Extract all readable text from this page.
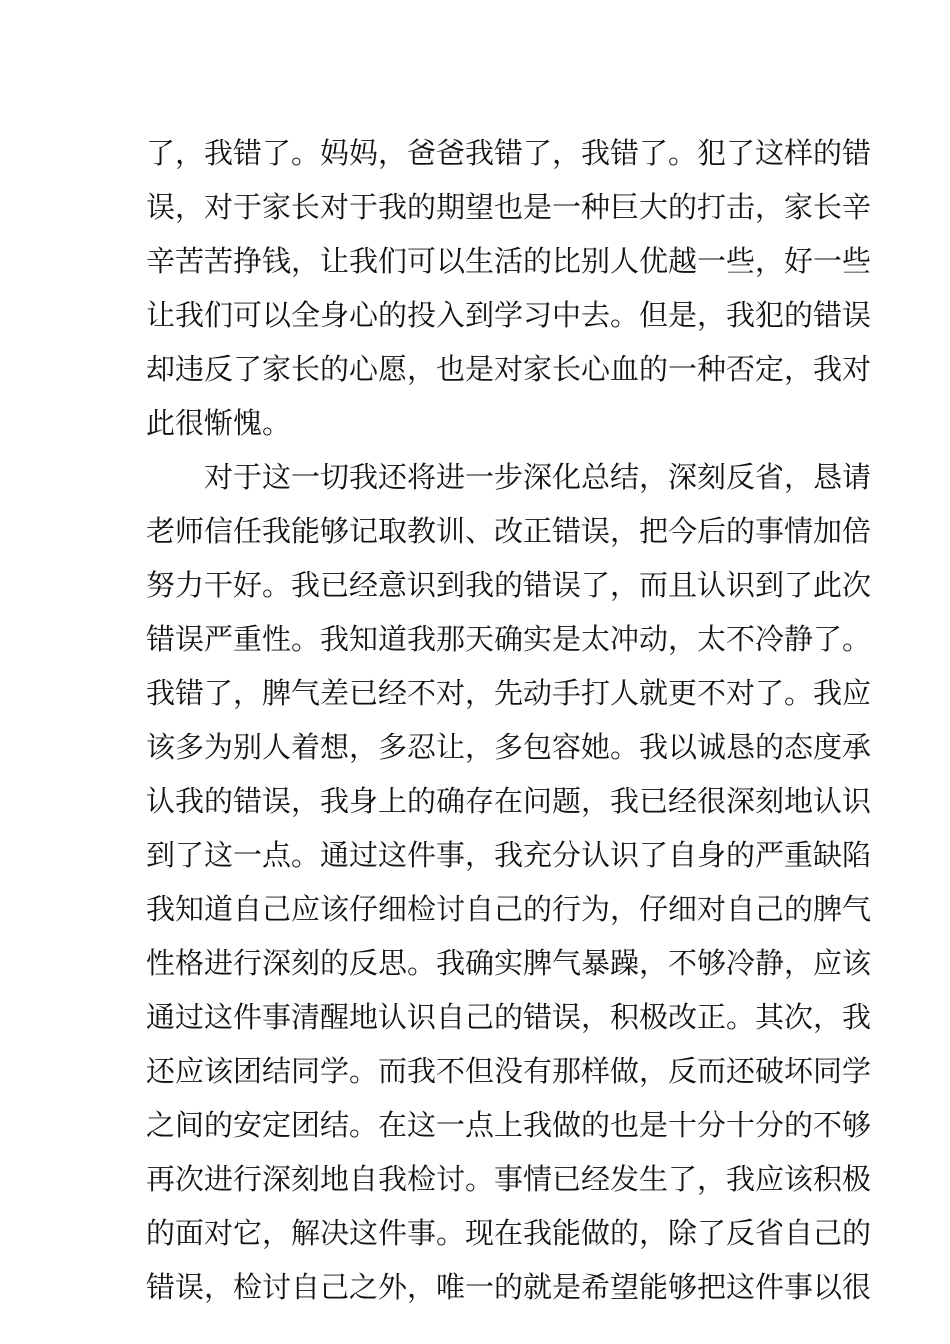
了，我错了。妈妈，爸爸我错了，我错了。犯了这样的错
误，对于家长对于我的期望也是一种巨大的打击，家长辛
辛苦苦挣钱，让我们可以生活的比别人优越一些，好一些
让我们可以全身心的投入到学习中去。但是，我犯的错误
却违反了家长的心愿，也是对家长心血的一种否定，我对
此很惭愧。
对于这一切我还将进一步深化总结，深刻反省，恳请
老师信任我能够记取教训、改正错误，把今后的事情加倍
努力干好。我已经意识到我的错误了，而且认识到了此次
错误严重性。我知道我那天确实是太冲动，太不冷静了。
我错了，脾气差已经不对，先动手打人就更不对了。我应
该多为别人着想，多忍让，多包容她。我以诚恳的态度承
认我的错误，我身上的确存在问题，我已经很深刻地认识
到了这一点。通过这件事，我充分认识了自身的严重缺陷
我知道自己应该仔细检讨自己的行为，仔细对自己的脾气
性格进行深刻的反思。我确实脾气暴躁，不够冷静，应该
通过这件事清醒地认识自己的错误，积极改正。其次，我
还应该团结同学。而我不但没有那样做，反而还破坏同学
之间的安定团结。在这一点上我做的也是十分十分的不够
再次进行深刻地自我检讨。事情已经发生了，我应该积极
的面对它，解决这件事。现在我能做的，除了反省自己的
错误，检讨自己之外，唯一的就是希望能够把这件事以很
